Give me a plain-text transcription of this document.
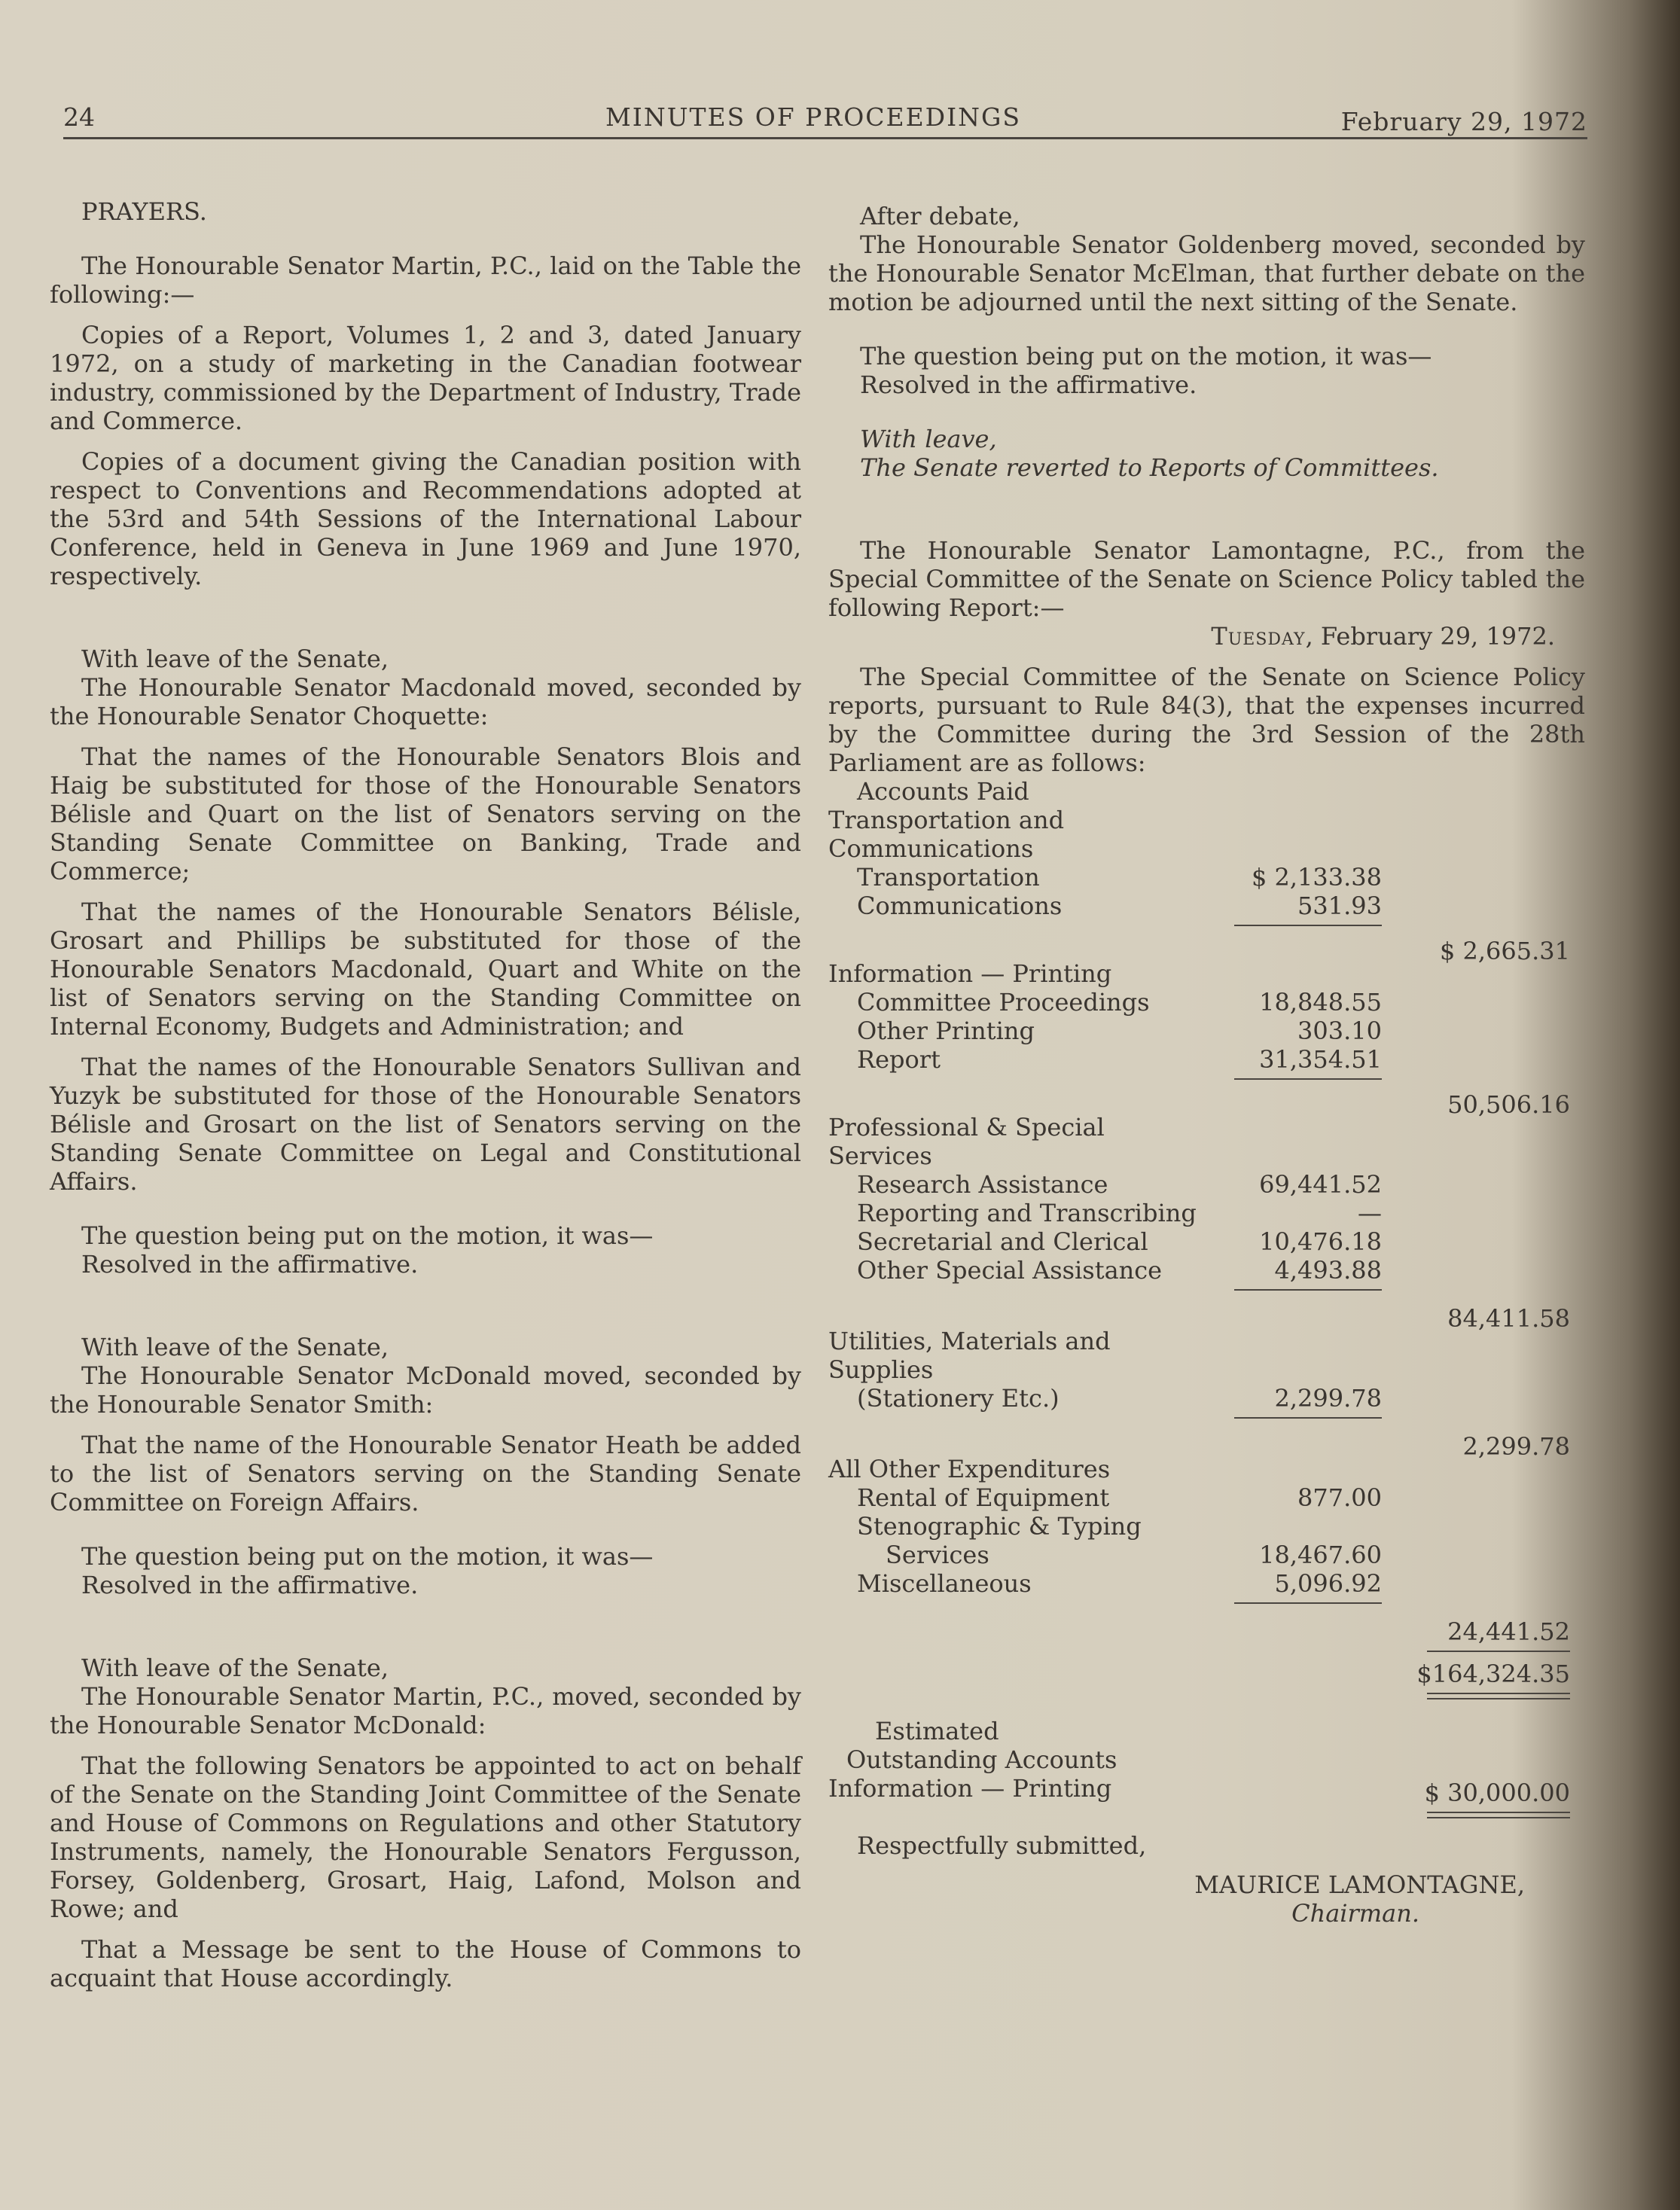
24	MINUTES OF PROCEEDINGS	February 29, 1972

PRAYERS.

The Honourable Senator Martin, P.C., laid on the Table the following:—

Copies of a Report, Volumes 1, 2 and 3, dated January 1972, on a study of marketing in the Canadian footwear industry, commissioned by the Department of Industry, Trade and Commerce.

Copies of a document giving the Canadian position with respect to Conventions and Recommendations adopted at the 53rd and 54th Sessions of the International Labour Conference, held in Geneva in June 1969 and June 1970, respectively.

With leave of the Senate,

The Honourable Senator Macdonald moved, seconded by the Honourable Senator Choquette:

That the names of the Honourable Senators Blois and Haig be substituted for those of the Honourable Senators Bélisle and Quart on the list of Senators serving on the Standing Senate Committee on Banking, Trade and Commerce;

That the names of the Honourable Senators Bélisle, Grosart and Phillips be substituted for those of the Honourable Senators Macdonald, Quart and White on the list of Senators serving on the Standing Committee on Internal Economy, Budgets and Administration; and

That the names of the Honourable Senators Sullivan and Yuzyk be substituted for those of the Honourable Senators Bélisle and Grosart on the list of Senators serving on the Standing Senate Committee on Legal and Constitutional Affairs.

The question being put on the motion, it was—

Resolved in the affirmative.

With leave of the Senate,

The Honourable Senator McDonald moved, seconded by the Honourable Senator Smith:

That the name of the Honourable Senator Heath be added to the list of Senators serving on the Standing Senate Committee on Foreign Affairs.

The question being put on the motion, it was—

Resolved in the affirmative.

With leave of the Senate,

The Honourable Senator Martin, P.C., moved, seconded by the Honourable Senator McDonald:

That the following Senators be appointed to act on behalf of the Senate on the Standing Joint Committee of the Senate and House of Commons on Regulations and other Statutory Instruments, namely, the Honourable Senators Fergusson, Forsey, Goldenberg, Grosart, Haig, Lafond, Molson and Rowe; and

That a Message be sent to the House of Commons to acquaint that House accordingly.

After debate,

The Honourable Senator Goldenberg moved, seconded by the Honourable Senator McElman, that further debate on the motion be adjourned until the next sitting of the Senate.

The question being put on the motion, it was—

Resolved in the affirmative.

With leave,

The Senate reverted to Reports of Committees.

The Honourable Senator Lamontagne, P.C., from the Special Committee of the Senate on Science Policy tabled the following Report:—

Tuesday, February 29, 1972.

The Special Committee of the Senate on Science Policy reports, pursuant to Rule 84(3), that the expenses incurred by the Committee during the 3rd Session of the 28th Parliament are as follows:

Accounts Paid
Transportation and
Communications
Transportation	$ 2,133.38
Communications	531.93
$ 2,665.31
Information — Printing
Committee Proceedings	18,848.55
Other Printing	303.10
Report	31,354.51
50,506.16
Professional & Special
Services
Research Assistance	69,441.52
Reporting and Transcribing	—
Secretarial and Clerical	10,476.18
Other Special Assistance	4,493.88
84,411.58
Utilities, Materials and
Supplies
(Stationery Etc.)	2,299.78
2,299.78
All Other Expenditures
Rental of Equipment	877.00
Stenographic & Typing
Services	18,467.60
Miscellaneous	5,096.92
24,441.52
$164,324.35
Estimated
Outstanding Accounts
Information — Printing	$ 30,000.00
Respectfully submitted,

MAURICE LAMONTAGNE,

Chairman.
